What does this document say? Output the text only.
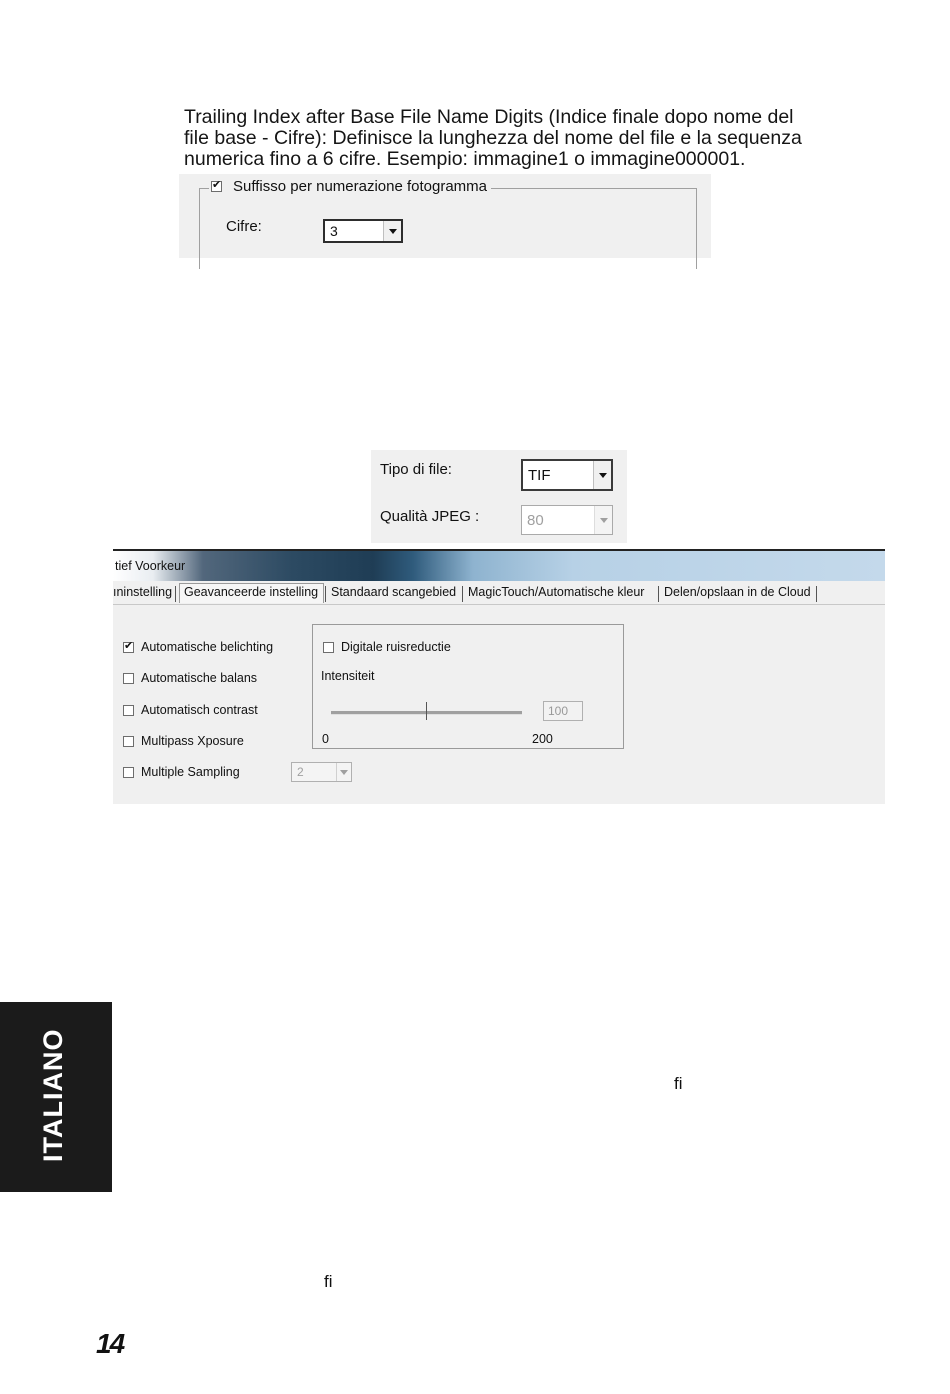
Trailing Index after Base File Name Digits (Indice finale dopo nome del
file base - Cifre): Definisce la lunghezza del nome del file e la sequenza
numerica fino a 6 cifre. Esempio: immagine1 o immagine000001.
✔
Suffisso per numerazione fotogramma
Cifre:	3
Tipo di file:	TIF
Qualità JPEG :	80
tief Voorkeur
ıninstelling Geavanceerde instelling Standaard scangebied MagicTouch/Automatische kleur Delen/opslaan in de Cloud
✔
Automatische belichting
Automatische balans
Automatisch contrast
Multipass Xposure
Multiple Sampling	2
Digitale ruisreductie
Intensiteit
100
0	200
ITALIANO	ﬁ
ﬁ
14
